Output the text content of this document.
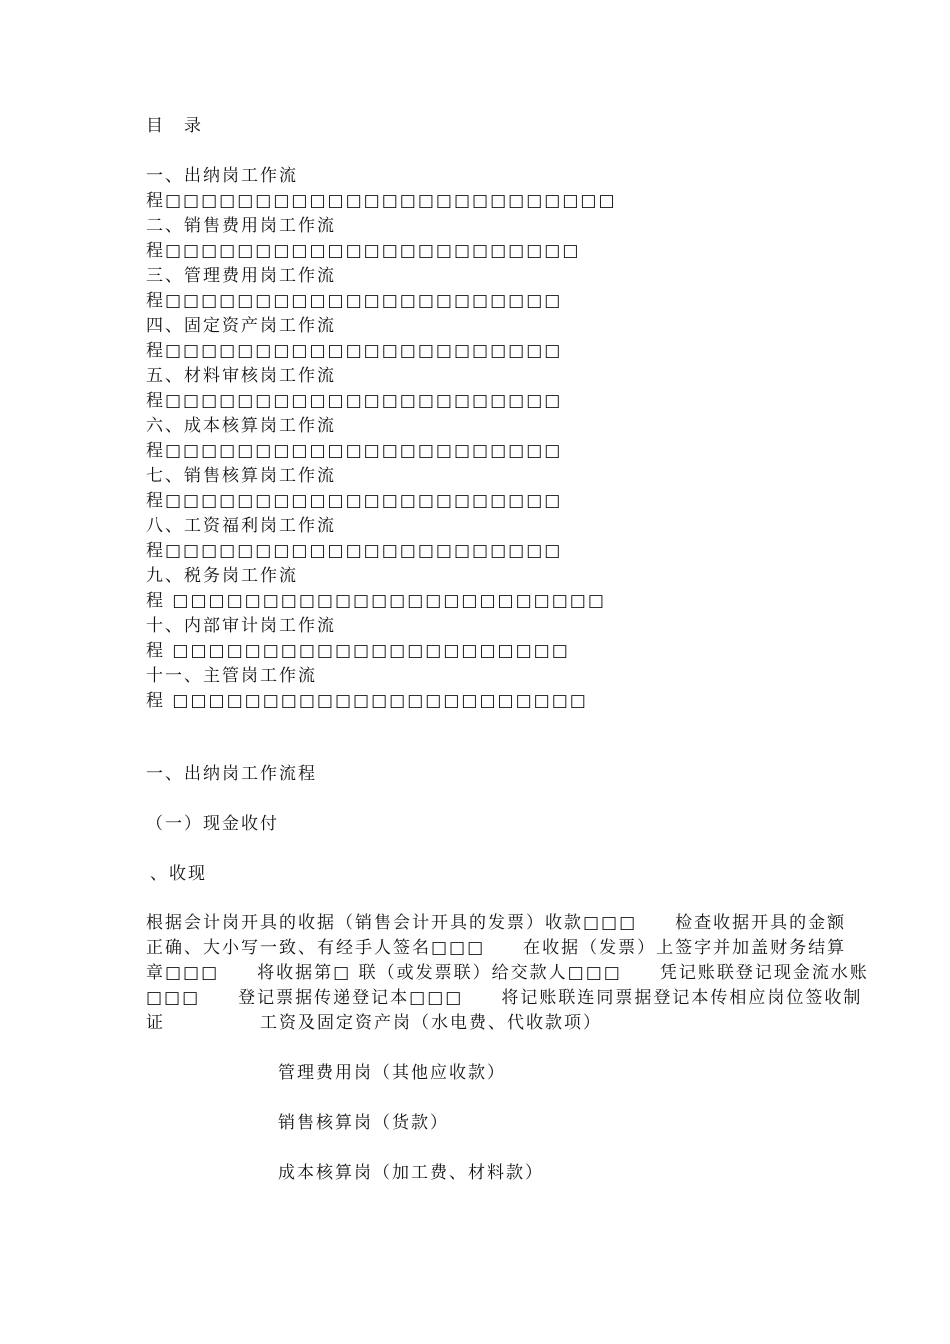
目　录
一、出纳岗工作流
程□□□□□□□□□□□□□□□□□□□□□□□□□
二、销售费用岗工作流
程□□□□□□□□□□□□□□□□□□□□□□□
三、管理费用岗工作流
程□□□□□□□□□□□□□□□□□□□□□□
四、固定资产岗工作流
程□□□□□□□□□□□□□□□□□□□□□□
五、材料审核岗工作流
程□□□□□□□□□□□□□□□□□□□□□□
六、成本核算岗工作流
程□□□□□□□□□□□□□□□□□□□□□□
七、销售核算岗工作流
程□□□□□□□□□□□□□□□□□□□□□□
八、工资福利岗工作流
程□□□□□□□□□□□□□□□□□□□□□□
九、税务岗工作流
程 □□□□□□□□□□□□□□□□□□□□□□□□
十、内部审计岗工作流
程 □□□□□□□□□□□□□□□□□□□□□□
十一、主管岗工作流
程 □□□□□□□□□□□□□□□□□□□□□□□
一、出纳岗工作流程
（一）现金收付
、收现
根据会计岗开具的收据（销售会计开具的发票）收款□□□　　检查收据开具的金额
正确、大小写一致、有经手人签名□□□　　在收据（发票）上签字并加盖财务结算
章□□□　　将收据第□ 联（或发票联）给交款人□□□　　凭记账联登记现金流水账
□□□　　登记票据传递登记本□□□　　将记账联连同票据登记本传相应岗位签收制
证　　　　　工资及固定资产岗（水电费、代收款项）
管理费用岗（其他应收款）
销售核算岗（货款）
成本核算岗（加工费、材料款）
